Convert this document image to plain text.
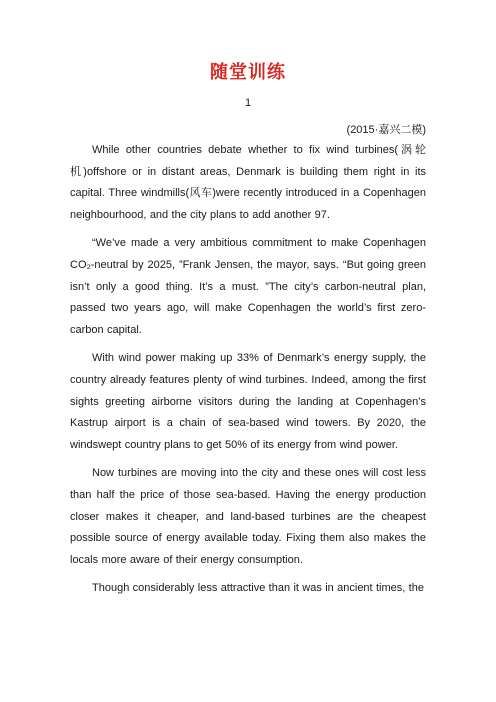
随堂训练
1
(2015·嘉兴二模)

While other countries debate whether to fix wind turbines(涡轮机)offshore or in distant areas, Denmark is building them right in its capital. Three windmills(风车)were recently introduced in a Copenhagen neighbourhood, and the city plans to add another 97.

“We’ve made a very ambitious commitment to make Copenhagen CO₂-neutral by 2025, ”Frank Jensen, the mayor, says. “But going green isn’t only a good thing. It’s a must. ”The city’s carbon-neutral plan, passed two years ago, will make Copenhagen the world’s first zero-carbon capital.

With wind power making up 33% of Denmark’s energy supply, the country already features plenty of wind turbines. Indeed, among the first sights greeting airborne visitors during the landing at Copenhagen’s Kastrup airport is a chain of sea-based wind towers. By 2020, the windswept country plans to get 50% of its energy from wind power.

Now turbines are moving into the city and these ones will cost less than half the price of those sea-based. Having the energy production closer makes it cheaper, and land-based turbines are the cheapest possible source of energy available today. Fixing them also makes the locals more aware of their energy consumption.

Though considerably less attractive than it was in ancient times, the
